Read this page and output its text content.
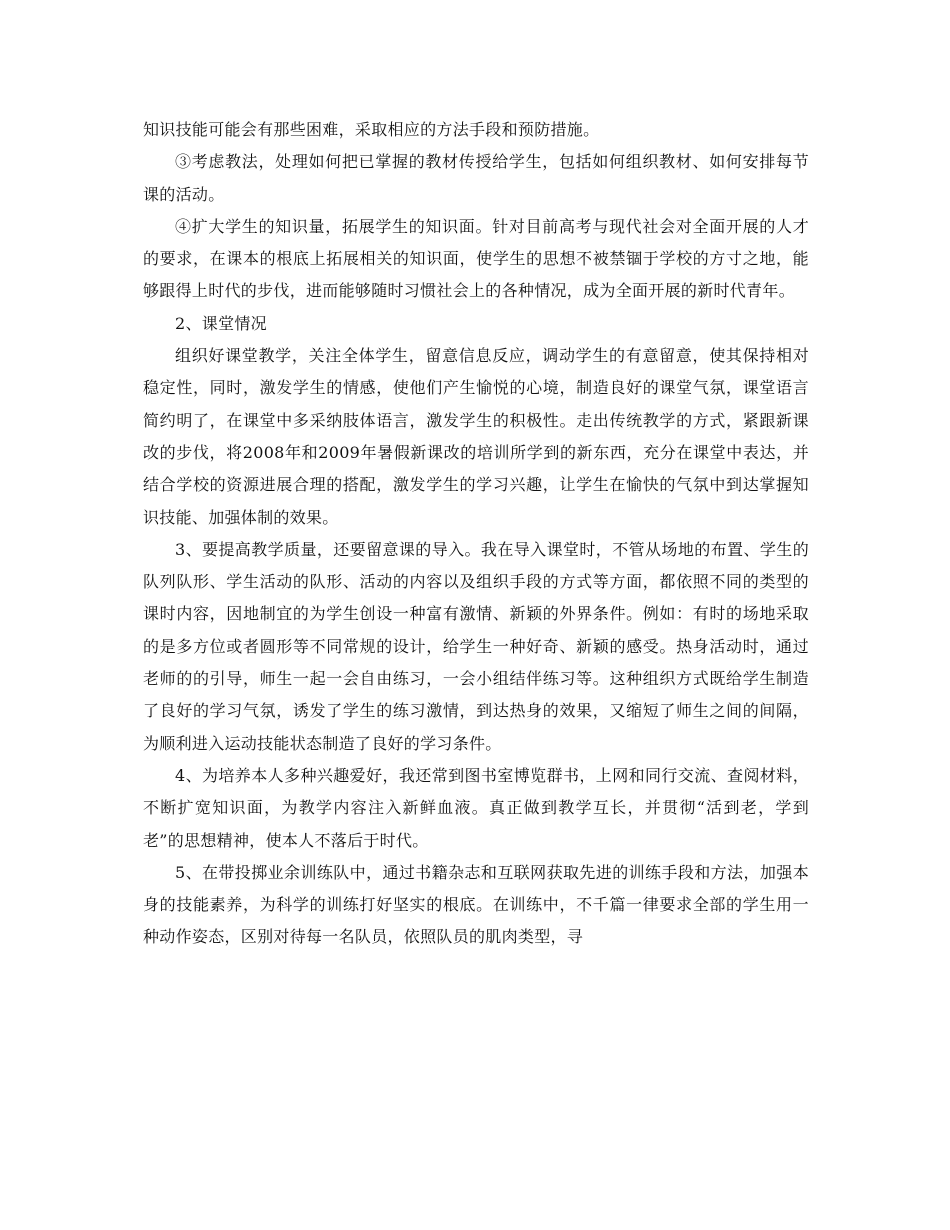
知识技能可能会有那些困难，采取相应的方法手段和预防措施。

③考虑教法，处理如何把已掌握的教材传授给学生，包括如何组织教材、如何安排每节课的活动。

④扩大学生的知识量，拓展学生的知识面。针对目前高考与现代社会对全面开展的人才的要求，在课本的根底上拓展相关的知识面，使学生的思想不被禁锢于学校的方寸之地，能够跟得上时代的步伐，进而能够随时习惯社会上的各种情况，成为全面开展的新时代青年。

2、课堂情况

组织好课堂教学，关注全体学生，留意信息反应，调动学生的有意留意，使其保持相对稳定性，同时，激发学生的情感，使他们产生愉悦的心境，制造良好的课堂气氛，课堂语言简约明了，在课堂中多采纳肢体语言，激发学生的积极性。走出传统教学的方式，紧跟新课改的步伐，将2008年和2009年暑假新课改的培训所学到的新东西，充分在课堂中表达，并结合学校的资源进展合理的搭配，激发学生的学习兴趣，让学生在愉快的气氛中到达掌握知识技能、加强体制的效果。

3、要提高教学质量，还要留意课的导入。我在导入课堂时，不管从场地的布置、学生的队列队形、学生活动的队形、活动的内容以及组织手段的方式等方面，都依照不同的类型的课时内容，因地制宜的为学生创设一种富有激情、新颖的外界条件。例如：有时的场地采取的是多方位或者圆形等不同常规的设计，给学生一种好奇、新颖的感受。热身活动时，通过老师的的引导，师生一起一会自由练习，一会小组结伴练习等。这种组织方式既给学生制造了良好的学习气氛，诱发了学生的练习激情，到达热身的效果，又缩短了师生之间的间隔，为顺利进入运动技能状态制造了良好的学习条件。

4、为培养本人多种兴趣爱好，我还常到图书室博览群书，上网和同行交流、查阅材料，不断扩宽知识面，为教学内容注入新鲜血液。真正做到教学互长，并贯彻“活到老，学到老”的思想精神，使本人不落后于时代。

5、在带投掷业余训练队中，通过书籍杂志和互联网获取先进的训练手段和方法，加强本身的技能素养，为科学的训练打好坚实的根底。在训练中，不千篇一律要求全部的学生用一种动作姿态，区别对待每一名队员，依照队员的肌肉类型，寻
